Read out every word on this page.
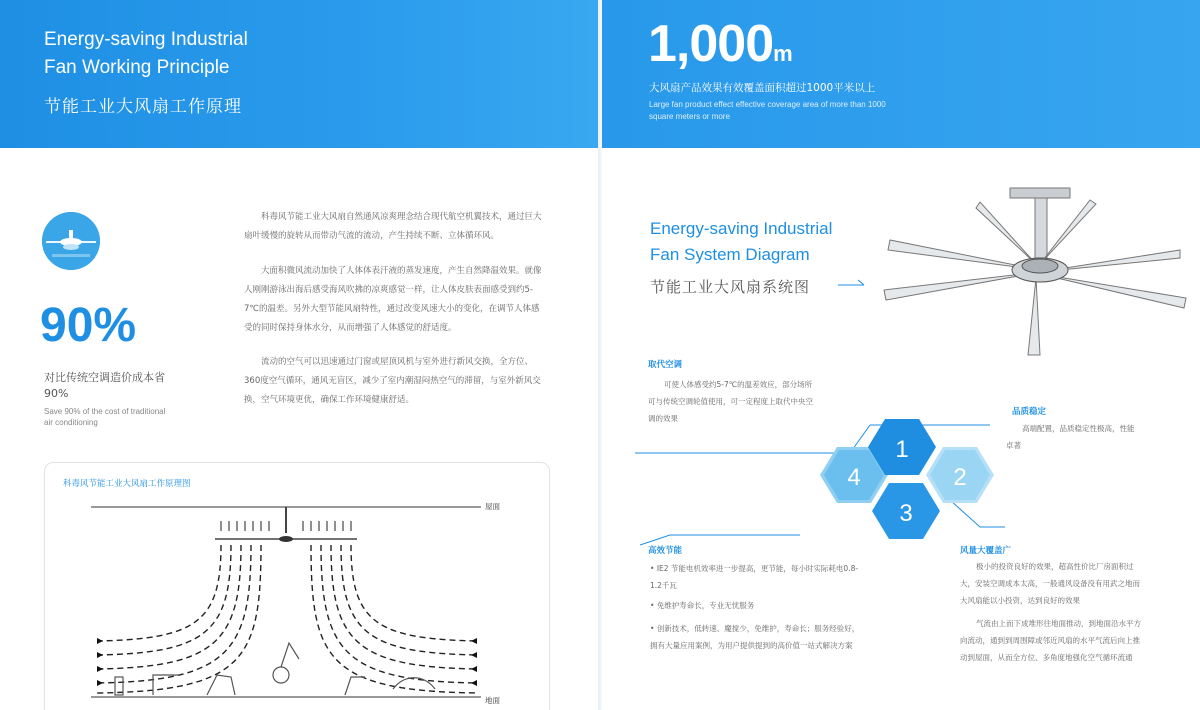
Energy-saving Industrial
Fan Working Principle
节能工业大风扇工作原理
1,000m
大风扇产品效果有效覆盖面积超过1000平米以上
Large fan product effect effective coverage area of more than 1000 square meters or more
90%
对比传统空调造价成本省90%
Save 90% of the cost of traditional air conditioning
科毒风节能工业大风扇自然通风凉爽理念结合现代航空机翼技术，通过巨大扇叶缓慢的旋转从而带动气流的流动，产生持续不断、立体循环风。
大面积微风流动加快了人体体表汗液的蒸发速度，产生自然降温效果。就像人刚刚游泳出海后感受海风吹拂的凉爽感觉一样，让人体皮肤表面感受到约5-7℃的温差。另外大型节能风扇特性，通过改变风速大小的变化，在调节人体感受的同时保持身体水分，从而增强了人体感觉的舒适度。
流动的空气可以迅速通过门窗或屋顶风机与室外进行新风交换，全方位、360度空气循环，通风无盲区，减少了室内潮湿闷热空气的滞留，与室外新风交换，空气环境更优，确保工作环境健康舒适。
科毒风节能工业大风扇工作原理图
屋面
地面
Energy-saving Industrial
Fan System Diagram
节能工业大风扇系统图
取代空调
可使人体感受约5-7℃的温差效应，部分场所
可与传统空调轮值使用，可一定程度上取代中央空
调的效果
品质稳定
高端配置，品质稳定性极高，性能
卓著
4
1
2
3
高效节能
• IE2 节能电机效率进一步提高，更节能，每小时实际耗电0.8-1.2千瓦
• 免维护寿命长，专业无忧服务
• 创新技术，低转速、魔搅少，免维护，寿命长；服务经验好，拥有大量应用案例，为用户提供提到的高价值一站式解决方案
风量大覆盖广
极小的投资良好的效果，超高性价比厂房面积过
大，安装空调成本太高，一般通风设备没有用武之地而
大风扇能以小投资，达到良好的效果
气流由上而下成堆形往地面推动，到地面沿水平方
向流动，通到到周围障或邻近风扇的水平气流后向上推
动到屋面，从而全方位、多角度地强化空气循环流通
